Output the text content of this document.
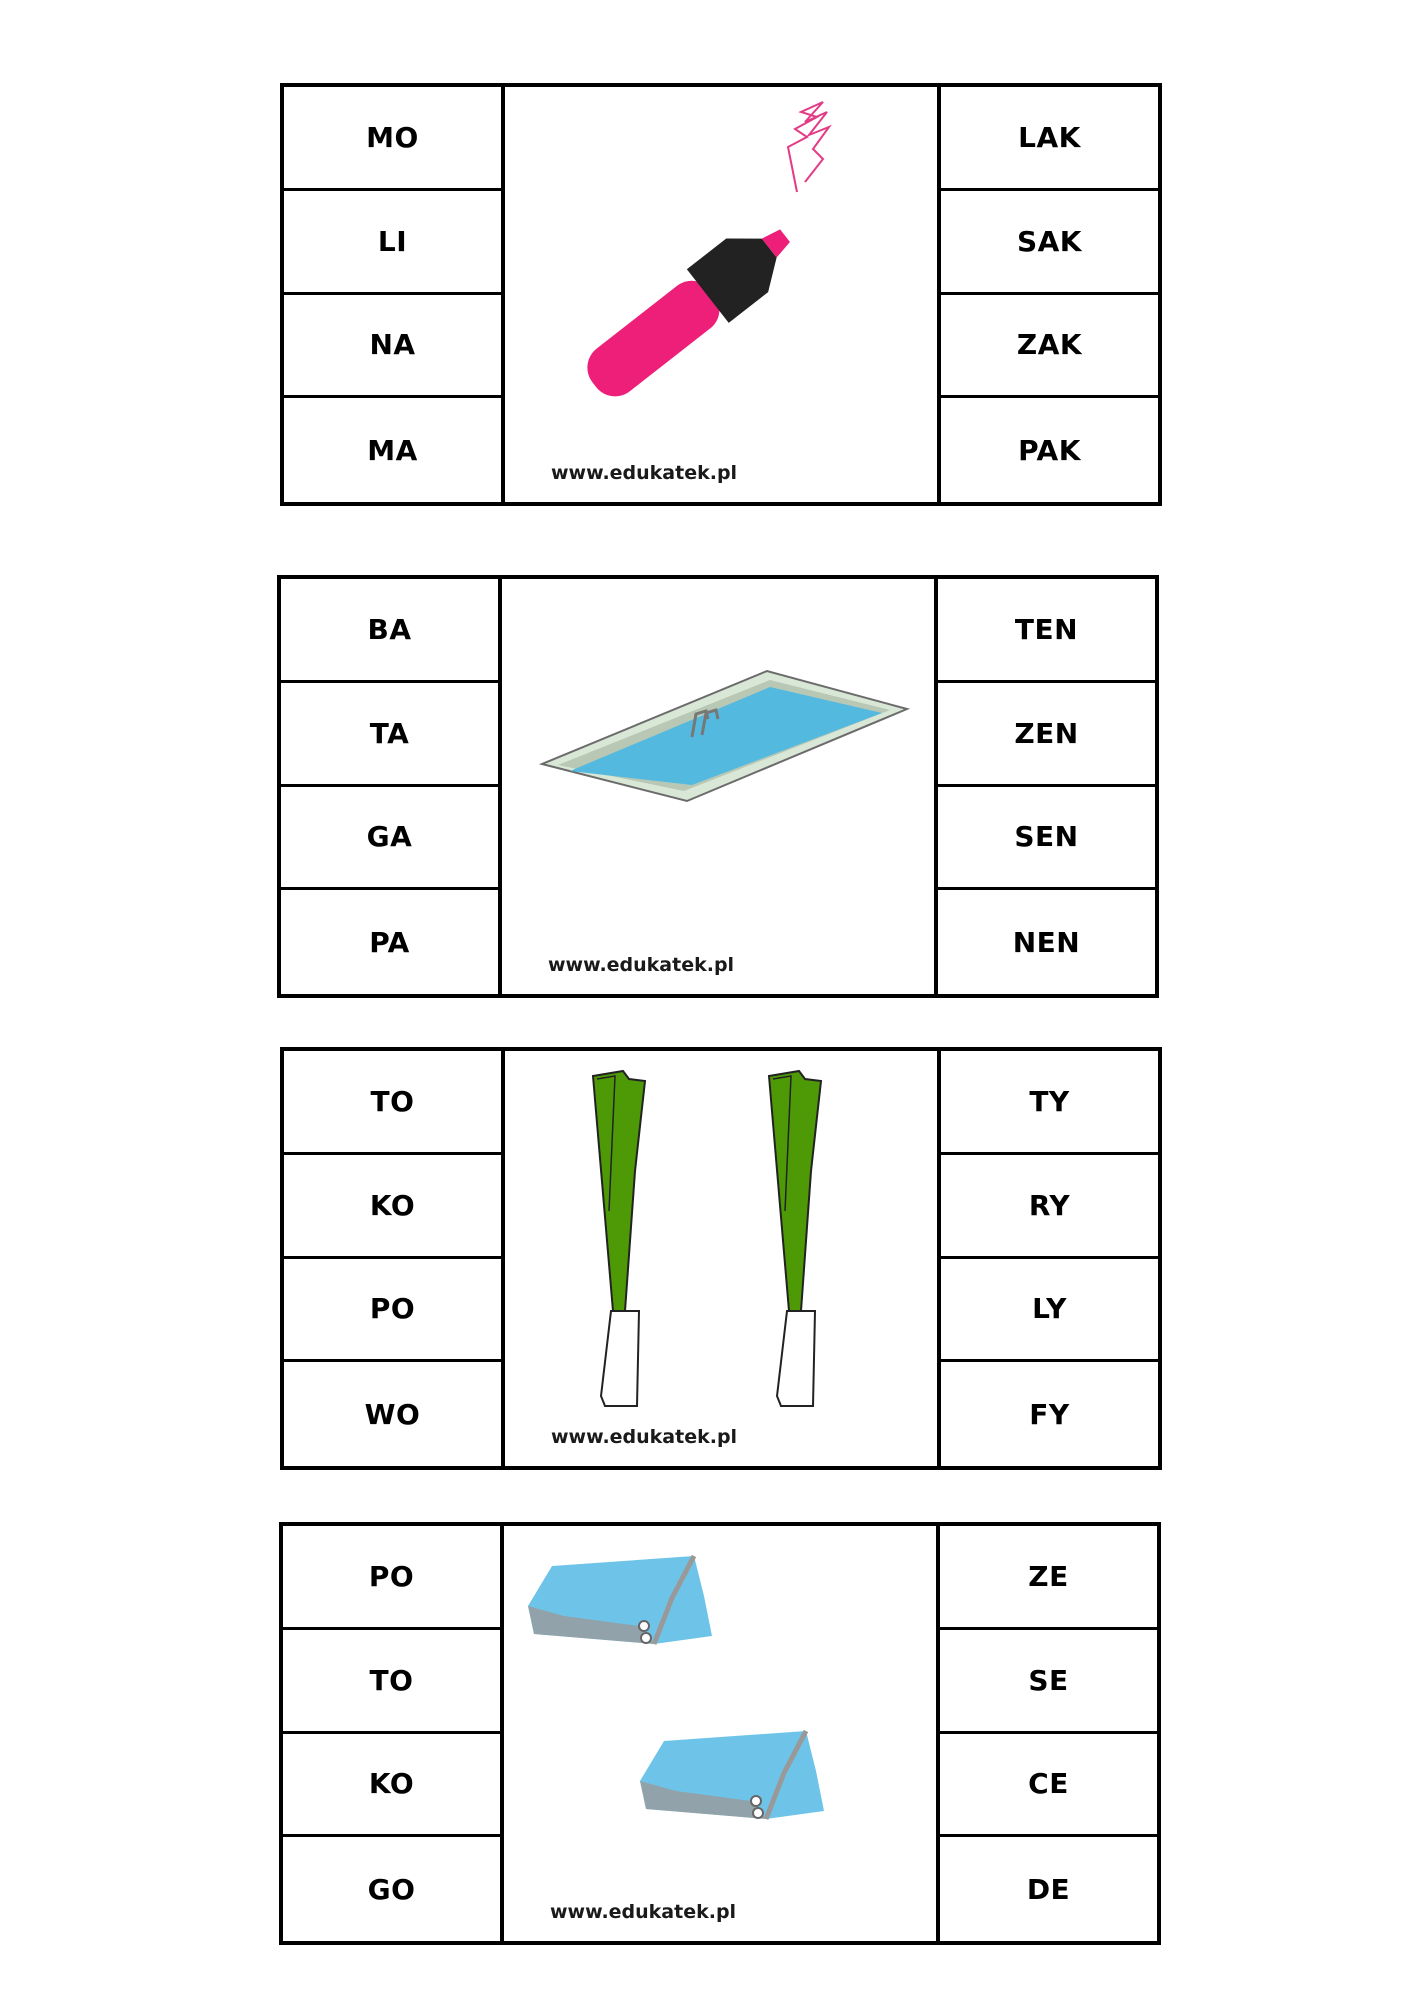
MO
LI
NA
MA
www.edukatek.pl
LAK
SAK
ZAK
PAK
BA
TA
GA
PA
www.edukatek.pl
TEN
ZEN
SEN
NEN
TO
KO
PO
WO
www.edukatek.pl
TY
RY
LY
FY
PO
TO
KO
GO
www.edukatek.pl
ZE
SE
CE
DE
